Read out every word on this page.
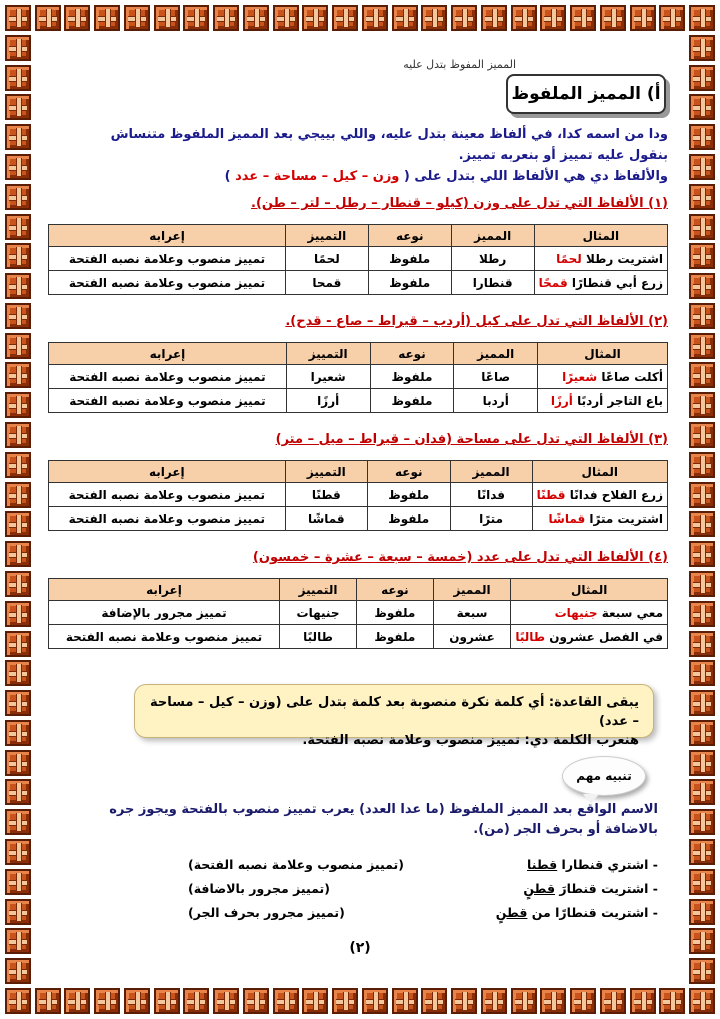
المميز المفوظ بتدل عليه
أ) المميز الملفوظ
ودا من اسمه كدا، في ألفاظ معينة بتدل عليه، واللي بييجي بعد المميز الملفوظ متنساش
بنقول عليه تمييز أو بنعربه تمييز.
والألفاظ دي هي الألفاظ اللي بتدل على ( وزن – كيل – مساحة – عدد )
(١) الألفاظ التي تدل على وزن (كيلو – قنطار – رطل – لتر – طن).
المثال	المميز	نوعه	التمييز	إعرابه
اشتريت رطلا لحمًا	رطلا	ملفوظ	لحمًا	تمييز منصوب وعلامة نصبه الفتحة
زرع أبي قنطارًا قمحًا	قنطارا	ملفوظ	قمحا	تمييز منصوب وعلامة نصبه الفتحة
(٢) الألفاظ التي تدل على كيل (أردب – قيراط – صاع - قدح).
المثال	المميز	نوعه	التمييز	إعرابه
أكلت صاعًا شعيرًا	صاعًا	ملفوظ	شعيرا	تمييز منصوب وعلامة نصبه الفتحة
باع التاجر أردبًا أرزًا	أردبا	ملفوظ	أرزًا	تمييز منصوب وعلامة نصبه الفتحة
(٣) الألفاظ التي تدل على مساحة (فدان – قيراط – ميل – متر)
المثال	المميز	نوعه	التمييز	إعرابه
زرع الفلاح فدانًا قطنًا	فدانًا	ملفوظ	قطنًا	تمييز منصوب وعلامة نصبه الفتحة
اشتريت مترًا قماشًا	مترًا	ملفوظ	قماشًا	تمييز منصوب وعلامة نصبه الفتحة
(٤) الألفاظ التي تدل على عدد (خمسة – سبعة – عشرة – خمسون)
المثال	المميز	نوعه	التمييز	إعرابه
معي سبعة جنيهات	سبعة	ملفوظ	جنيهات	تمييز مجرور بالإضافة
في الفصل عشرون طالبًا	عشرون	ملفوظ	طالبًا	تمييز منصوب وعلامة نصبه الفتحة
يبقى القاعدة: أي كلمة نكرة منصوبة بعد كلمة بتدل على (وزن – كيل – مساحة – عدد)
هنعرب الكلمة دي: تمييز منصوب وعلامة نصبه الفتحة.
تنبيه مهم
الاسم الواقع بعد المميز الملفوظ (ما عدا العدد) يعرب تمييز منصوب بالفتحة ويجوز جره
بالاضافة أو بحرف الجر (من).
- اشتري قنطارا قطنا
(تمييز منصوب وعلامة نصبه الفتحة)
- اشتريت قنطارَ قطنٍ
(تمييز مجرور بالاضافة)
- اشتريت قنطارًا من قطنٍ
(تمييز مجرور بحرف الجر)
(٢)
